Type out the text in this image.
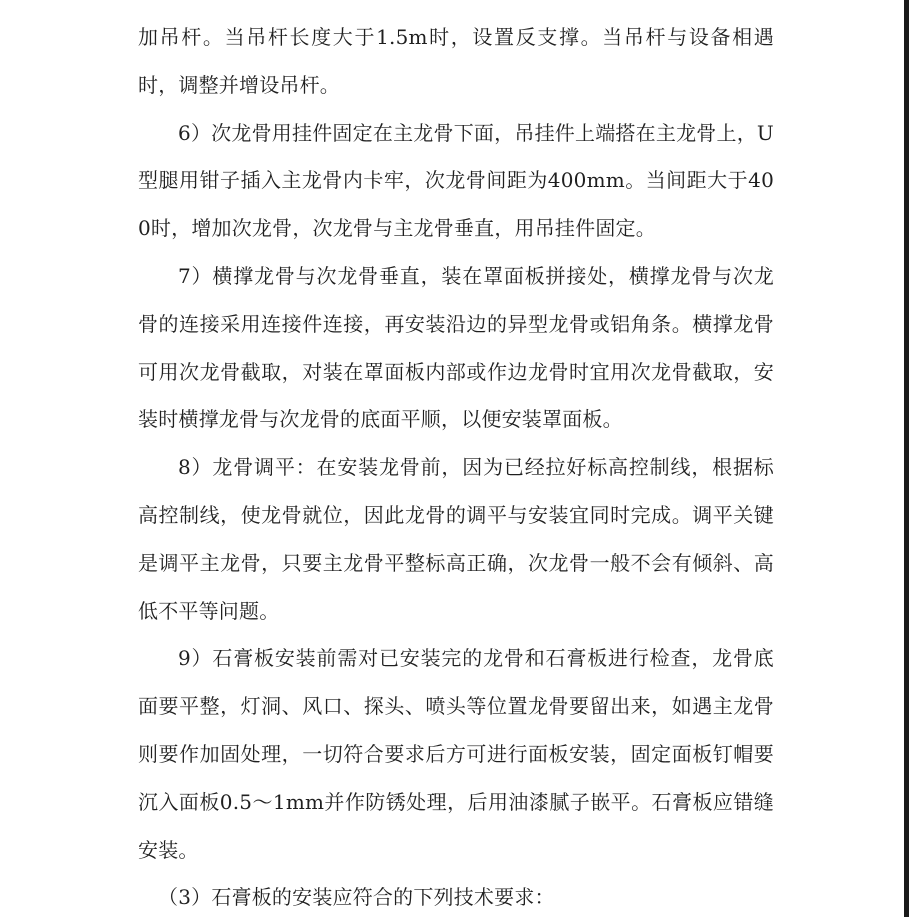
加吊杆。当吊杆长度大于1.5m时，设置反支撑。当吊杆与设备相遇时，调整并增设吊杆。

6）次龙骨用挂件固定在主龙骨下面，吊挂件上端搭在主龙骨上，U型腿用钳子插入主龙骨内卡牢，次龙骨间距为400mm。当间距大于400时，增加次龙骨，次龙骨与主龙骨垂直，用吊挂件固定。

7）横撑龙骨与次龙骨垂直，装在罩面板拼接处，横撑龙骨与次龙骨的连接采用连接件连接，再安装沿边的异型龙骨或铝角条。横撑龙骨可用次龙骨截取，对装在罩面板内部或作边龙骨时宜用次龙骨截取，安装时横撑龙骨与次龙骨的底面平顺，以便安装罩面板。

8）龙骨调平：在安装龙骨前，因为已经拉好标高控制线，根据标高控制线，使龙骨就位，因此龙骨的调平与安装宜同时完成。调平关键是调平主龙骨，只要主龙骨平整标高正确，次龙骨一般不会有倾斜、高低不平等问题。

9）石膏板安装前需对已安装完的龙骨和石膏板进行检查，龙骨底面要平整，灯洞、风口、探头、喷头等位置龙骨要留出来，如遇主龙骨则要作加固处理，一切符合要求后方可进行面板安装，固定面板钉帽要沉入面板0.5～1mm并作防锈处理，后用油漆腻子嵌平。石膏板应错缝安装。

（3）石膏板的安装应符合的下列技术要求：
